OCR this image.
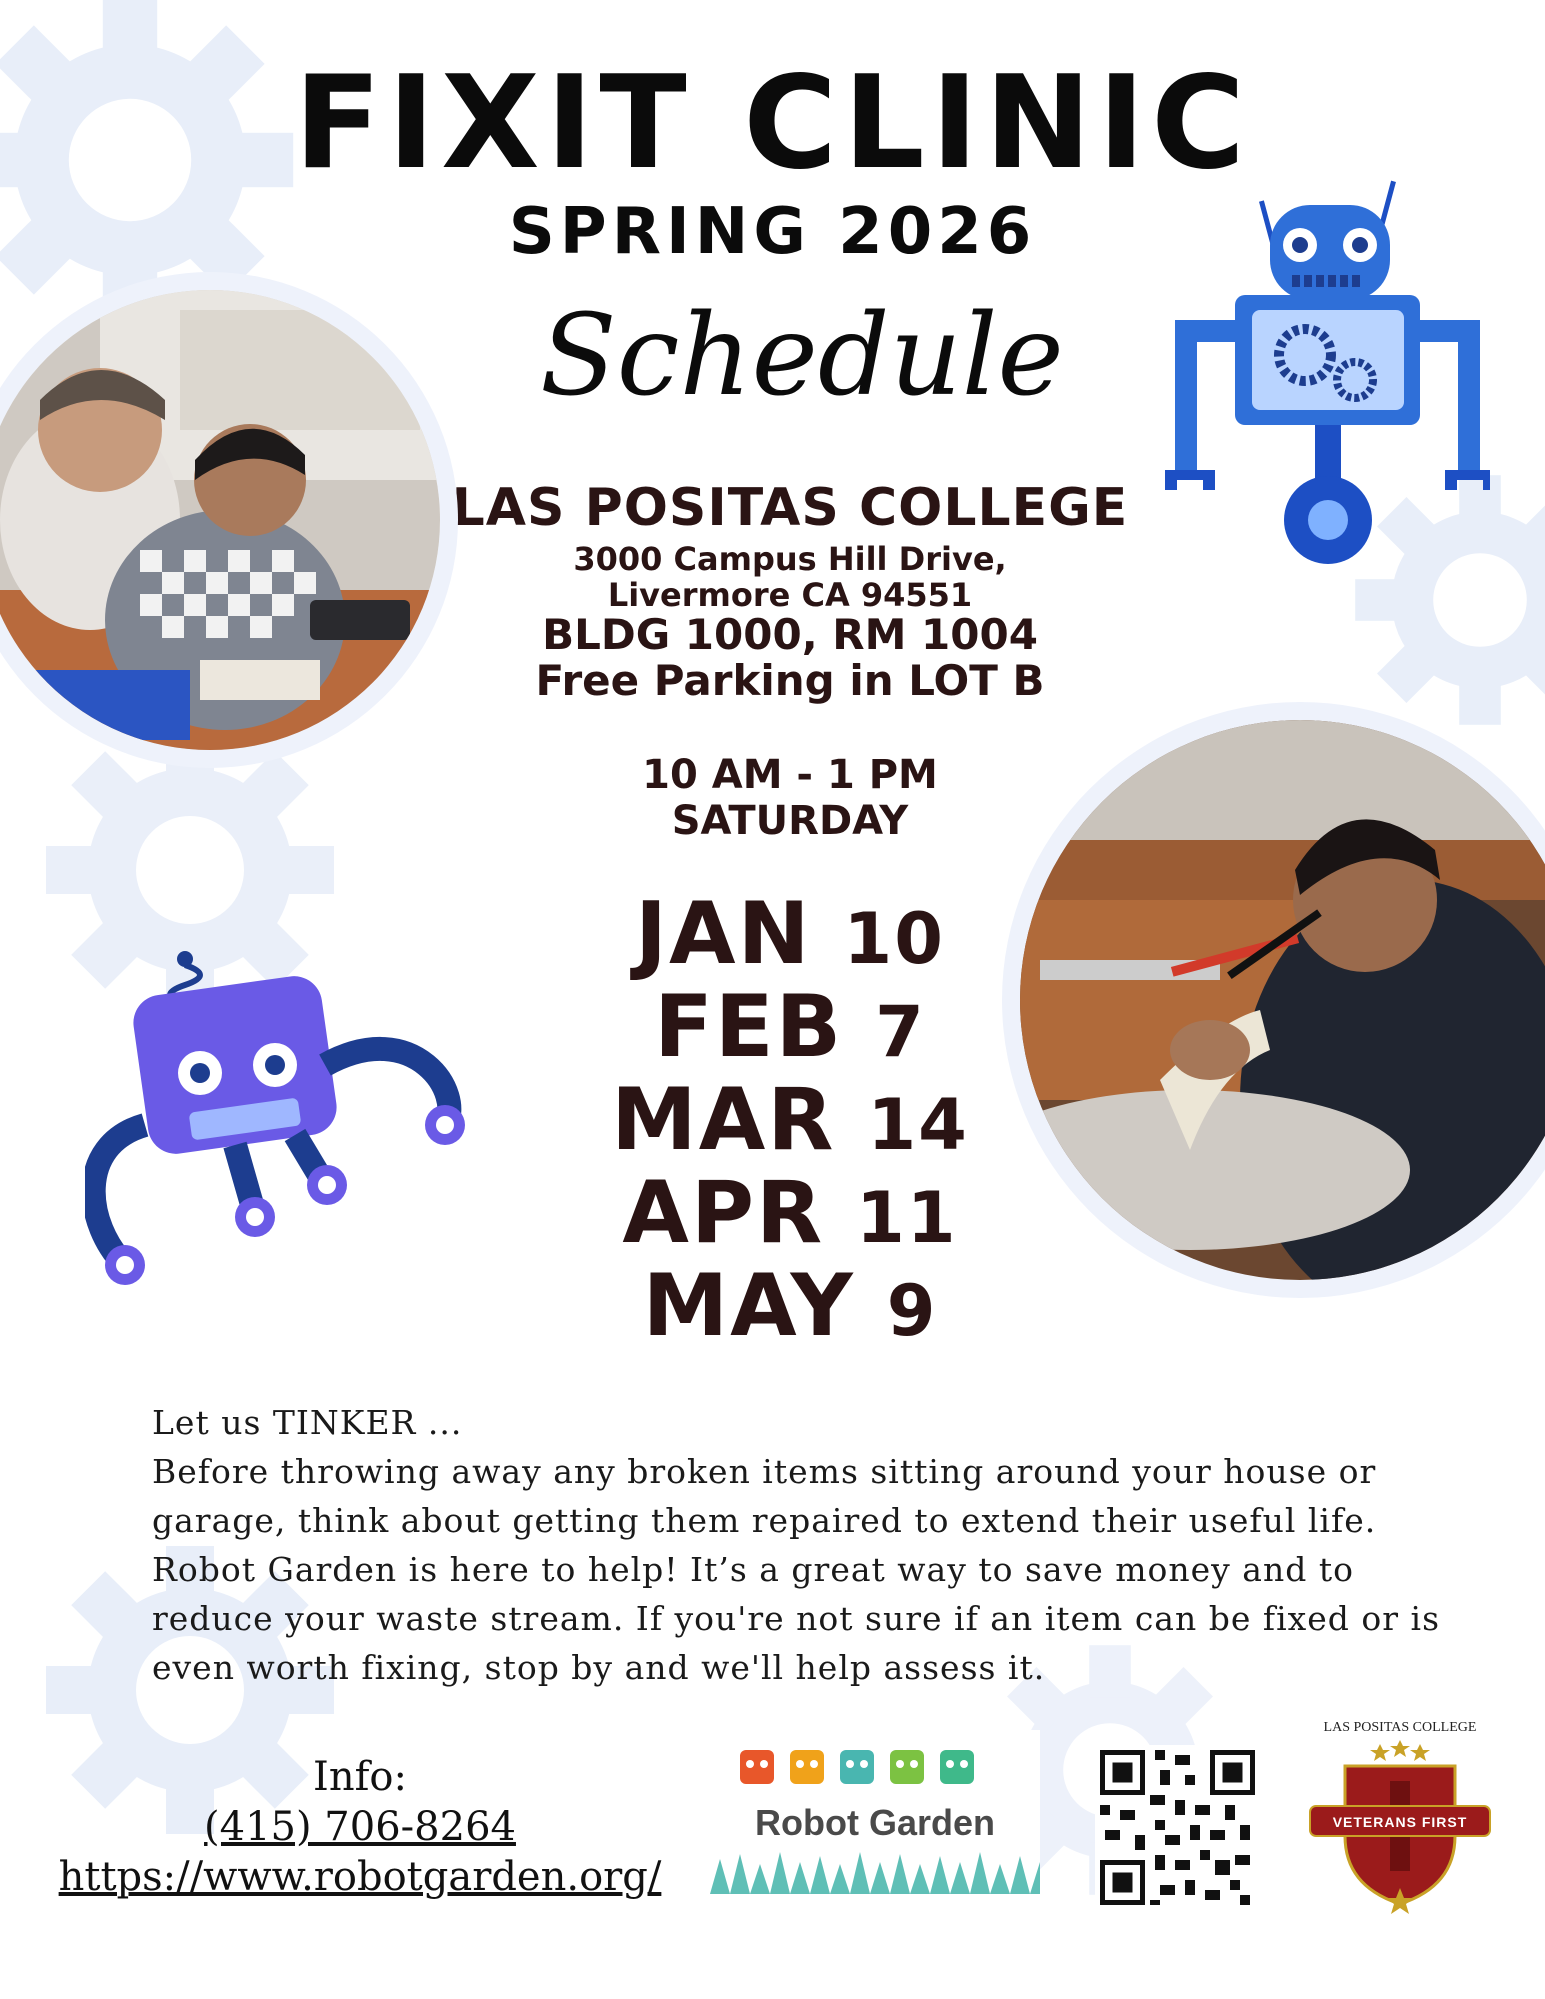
FIXIT CLINIC
SPRING 2026
Schedule
LAS POSITAS COLLEGE
3000 Campus Hill Drive,
Livermore CA 94551
BLDG 1000, RM 1004
Free Parking in LOT B
10 AM - 1 PM
SATURDAY
JAN 10
FEB 7
MAR 14
APR 11
MAY 9
Let us TINKER ...
Before throwing away any broken items sitting around your house or garage, think about getting them repaired to extend their useful life. Robot Garden is here to help! It’s a great way to save money and to reduce your waste stream. If you're not sure if an item can be fixed or is even worth fixing, stop by and we'll help assess it.
Info:
(415) 706-8264
https://www.robotgarden.org/
Robot Garden
LAS POSITAS COLLEGE
VETERANS FIRST
